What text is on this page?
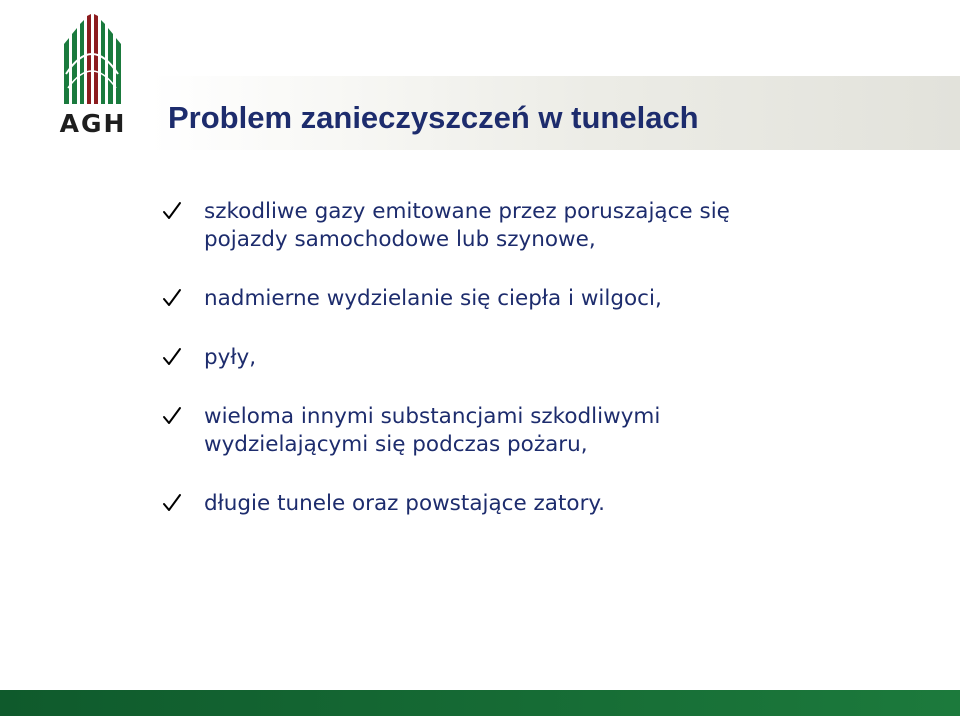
AGH Problem zanieczyszczeń w tunelach
szkodliwe gazy emitowane przez poruszające się
pojazdy samochodowe lub szynowe,
nadmierne wydzielanie się ciepła i wilgoci,
pyły,
wieloma innymi substancjami szkodliwymi
wydzielającymi się podczas pożaru,
długie tunele oraz powstające zatory.
